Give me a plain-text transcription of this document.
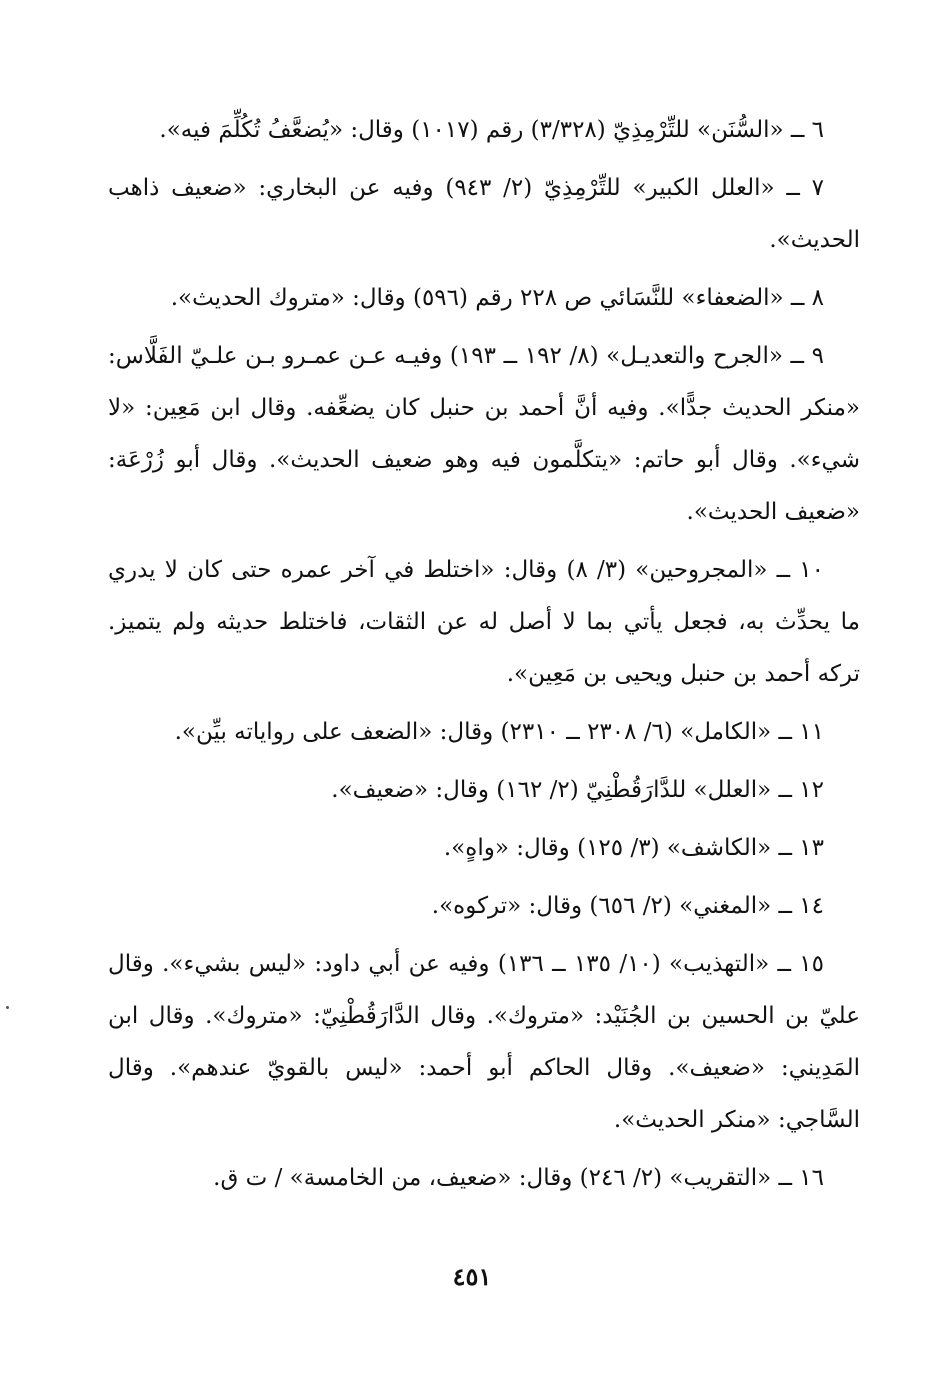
٦ ــ «السُّنَن» للتِّرْمِذِيّ (٣/٣٢٨) رقم (١٠١٧) وقال: «يُضعَّفُ تُكُلِّمَ فيه».

٧ ــ «العلل الكبير» للتِّرْمِذِيّ (٢/ ٩٤٣) وفيه عن البخاري: «ضعيف ذاهب الحديث».

٨ ــ «الضعفاء» للنَّسَائي ص ٢٢٨ رقم (٥٩٦) وقال: «متروك الحديث».

٩ ــ «الجرح والتعديـل» (٨/ ١٩٢ ــ ١٩٣) وفيـه عـن عمـرو بـن علـيّ الفَلَّاس: «منكر الحديث جدًّا». وفيه أنَّ أحمد بن حنبل كان يضعِّفه. وقال ابن مَعِين: «لا شيء». وقال أبو حاتم: «يتكلَّمون فيه وهو ضعيف الحديث». وقال أبو زُرْعَة: «ضعيف الحديث».

١٠ ــ «المجروحين» (٣/ ٨) وقال: «اختلط في آخر عمره حتى كان لا يدري ما يحدِّث به، فجعل يأتي بما لا أصل له عن الثقات، فاختلط حديثه ولم يتميز. تركه أحمد بن حنبل ويحيى بن مَعِين».

١١ ــ «الكامل» (٦/ ٢٣٠٨ ــ ٢٣١٠) وقال: «الضعف على رواياته بيِّن».

١٢ ــ «العلل» للدَّارَقُطْنِيّ (٢/ ١٦٢) وقال: «ضعيف».

١٣ ــ «الكاشف» (٣/ ١٢٥) وقال: «واهٍ».

١٤ ــ «المغني» (٢/ ٦٥٦) وقال: «تركوه».

١٥ ــ «التهذيب» (١٠/ ١٣٥ ــ ١٣٦) وفيه عن أبي داود: «ليس بشيء». وقال عليّ بن الحسين بن الجُنَيْد: «متروك». وقال الدَّارَقُطْنِيّ: «متروك». وقال ابن المَدِيني: «ضعيف». وقال الحاكم أبو أحمد: «ليس بالقويّ عندهم». وقال السَّاجي: «منكر الحديث».

١٦ ــ «التقريب» (٢/ ٢٤٦) وقال: «ضعيف، من الخامسة» / ت ق.

٤٥١
